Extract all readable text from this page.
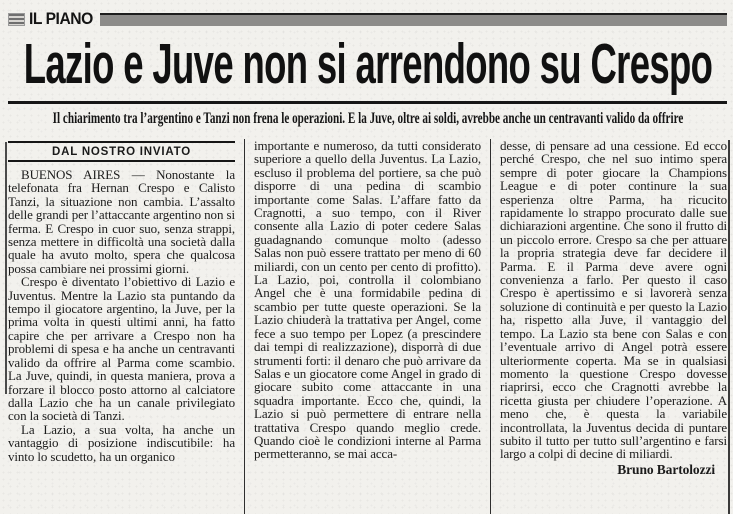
IL PIANO
Lazio e Juve non si arrendono su Crespo
Il chiarimento tra l’argentino e Tanzi non frena le operazioni. E la Juve, oltre ai soldi, avrebbe anche un centravanti valido da offrire
DAL NOSTRO INVIATO

BUENOS AIRES — Nonostante la telefonata fra Hernan Crespo e Calisto Tanzi, la situazione non cambia. L’assalto delle grandi per l’attaccante argentino non si ferma. E Crespo in cuor suo, senza strappi, senza mettere in difficoltà una società dalla quale ha avuto molto, spera che qualcosa possa cambiare nei prossimi giorni.

Crespo è diventato l’obiettivo di Lazio e Juventus. Mentre la Lazio sta puntando da tempo il giocatore argentino, la Juve, per la prima volta in questi ultimi anni, ha fatto capire che per arrivare a Crespo non ha problemi di spesa e ha anche un centravanti valido da offrire al Parma come scambio. La Juve, quindi, in questa maniera, prova a forzare il blocco posto attorno al calciatore dalla Lazio che ha un canale privilegiato con la società di Tanzi.

La Lazio, a sua volta, ha anche un vantaggio di posizione indiscutibile: ha vinto lo scudetto, ha un organico

importante e numeroso, da tutti considerato superiore a quello della Juventus. La Lazio, escluso il problema del portiere, sa che può disporre di una pedina di scambio importante come Salas. L’affare fatto da Cragnotti, a suo tempo, con il River consente alla Lazio di poter cedere Salas guadagnando comunque molto (adesso Salas non può essere trattato per meno di 60 miliardi, con un cento per cento di profitto). La Lazio, poi, controlla il colombiano Angel che è una formidabile pedina di scambio per tutte queste operazioni. Se la Lazio chiuderà la trattativa per Angel, come fece a suo tempo per Lopez (a prescindere dai tempi di realizzazione), disporrà di due strumenti forti: il denaro che può arrivare da Salas e un giocatore come Angel in grado di giocare subito come attaccante in una squadra importante. Ecco che, quindi, la Lazio si può permettere di entrare nella trattativa Crespo quando meglio crede. Quando cioè le condizioni interne al Parma permetteranno, se mai acca-

desse, di pensare ad una cessione. Ed ecco perché Crespo, che nel suo intimo spera sempre di poter giocare la Champions League e di poter continure la sua esperienza oltre Parma, ha ricucito rapidamente lo strappo procurato dalle sue dichiarazioni argentine. Che sono il frutto di un piccolo errore. Crespo sa che per attuare la propria strategia deve far decidere il Parma. E il Parma deve avere ogni convenienza a farlo. Per questo il caso Crespo è apertissimo e si lavorerà senza soluzione di continuità e per questo la Lazio ha, rispetto alla Juve, il vantaggio del tempo. La Lazio sta bene con Salas e con l’eventuale arrivo di Angel potrà essere ulteriormente coperta. Ma se in qualsiasi momento la questione Crespo dovesse riaprirsi, ecco che Cragnotti avrebbe la ricetta giusta per chiudere l’operazione. A meno che, è questa la variabile incontrollata, la Juventus decida di puntare subito il tutto per tutto sull’argentino e farsi largo a colpi di decine di miliardi.

Bruno Bartolozzi
